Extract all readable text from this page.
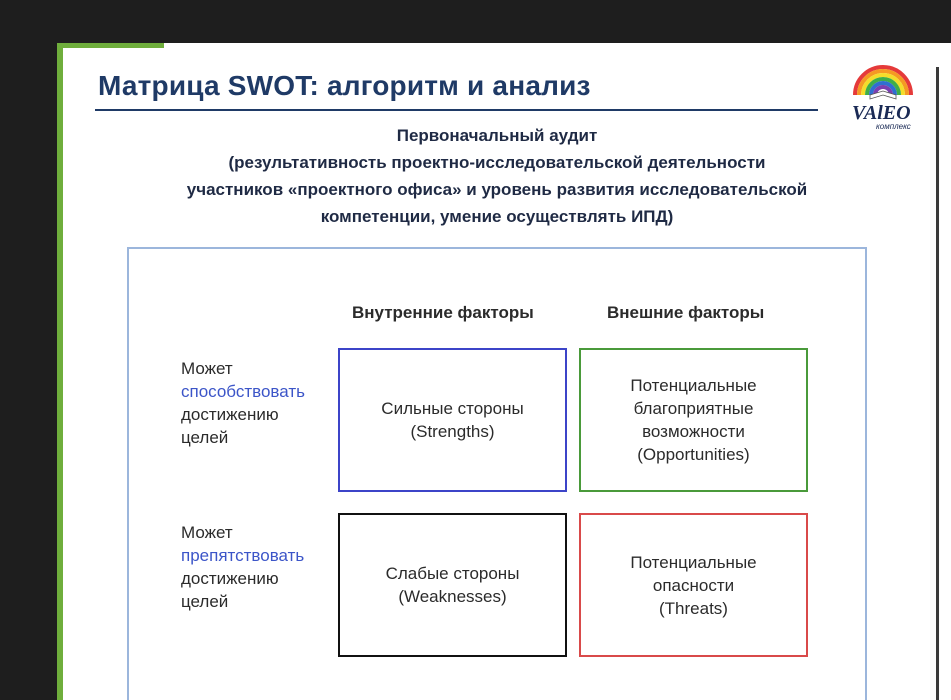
Матрица SWOT: алгоритм и анализ
VAlEO
комплекс
Первоначальный аудит
(результативность проектно-исследовательской деятельности
участников «проектного офиса» и уровень развития исследовательской
компетенции, умение осуществлять ИПД)
Внутренние факторы	Внешние факторы
Может
способствовать
достижению
целей
Может
препятствовать
достижению
целей
Сильные стороны
(Strengths)
Потенциальные
благоприятные
возможности
(Opportunities)
Слабые стороны
(Weaknesses)
Потенциальные
опасности
(Threats)
